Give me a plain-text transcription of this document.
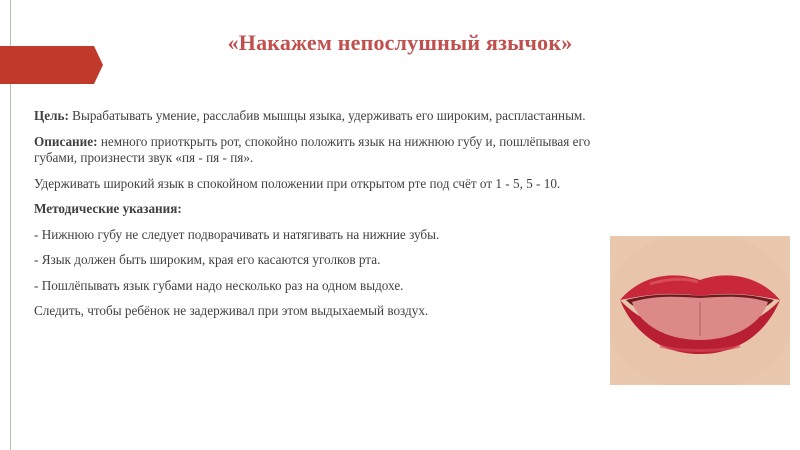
«Накажем непослушный язычок»

Цель: Вырабатывать умение, расслабив мышцы языка, удерживать его широким, распластанным.

Описание: немного приоткрыть рот, спокойно положить язык на нижнюю губу и, пошлёпывая его губами, произнести звук «пя - пя - пя».

Удерживать широкий язык в спокойном положении при открытом рте под счёт от 1 - 5, 5 - 10.

Методические указания:

- Нижнюю губу не следует подворачивать и натягивать на нижние зубы.

- Язык должен быть широким, края его касаются уголков рта.

- Пошлёпывать язык губами надо несколько раз на одном выдохе.

Следить, чтобы ребёнок не задерживал при этом выдыхаемый воздух.
